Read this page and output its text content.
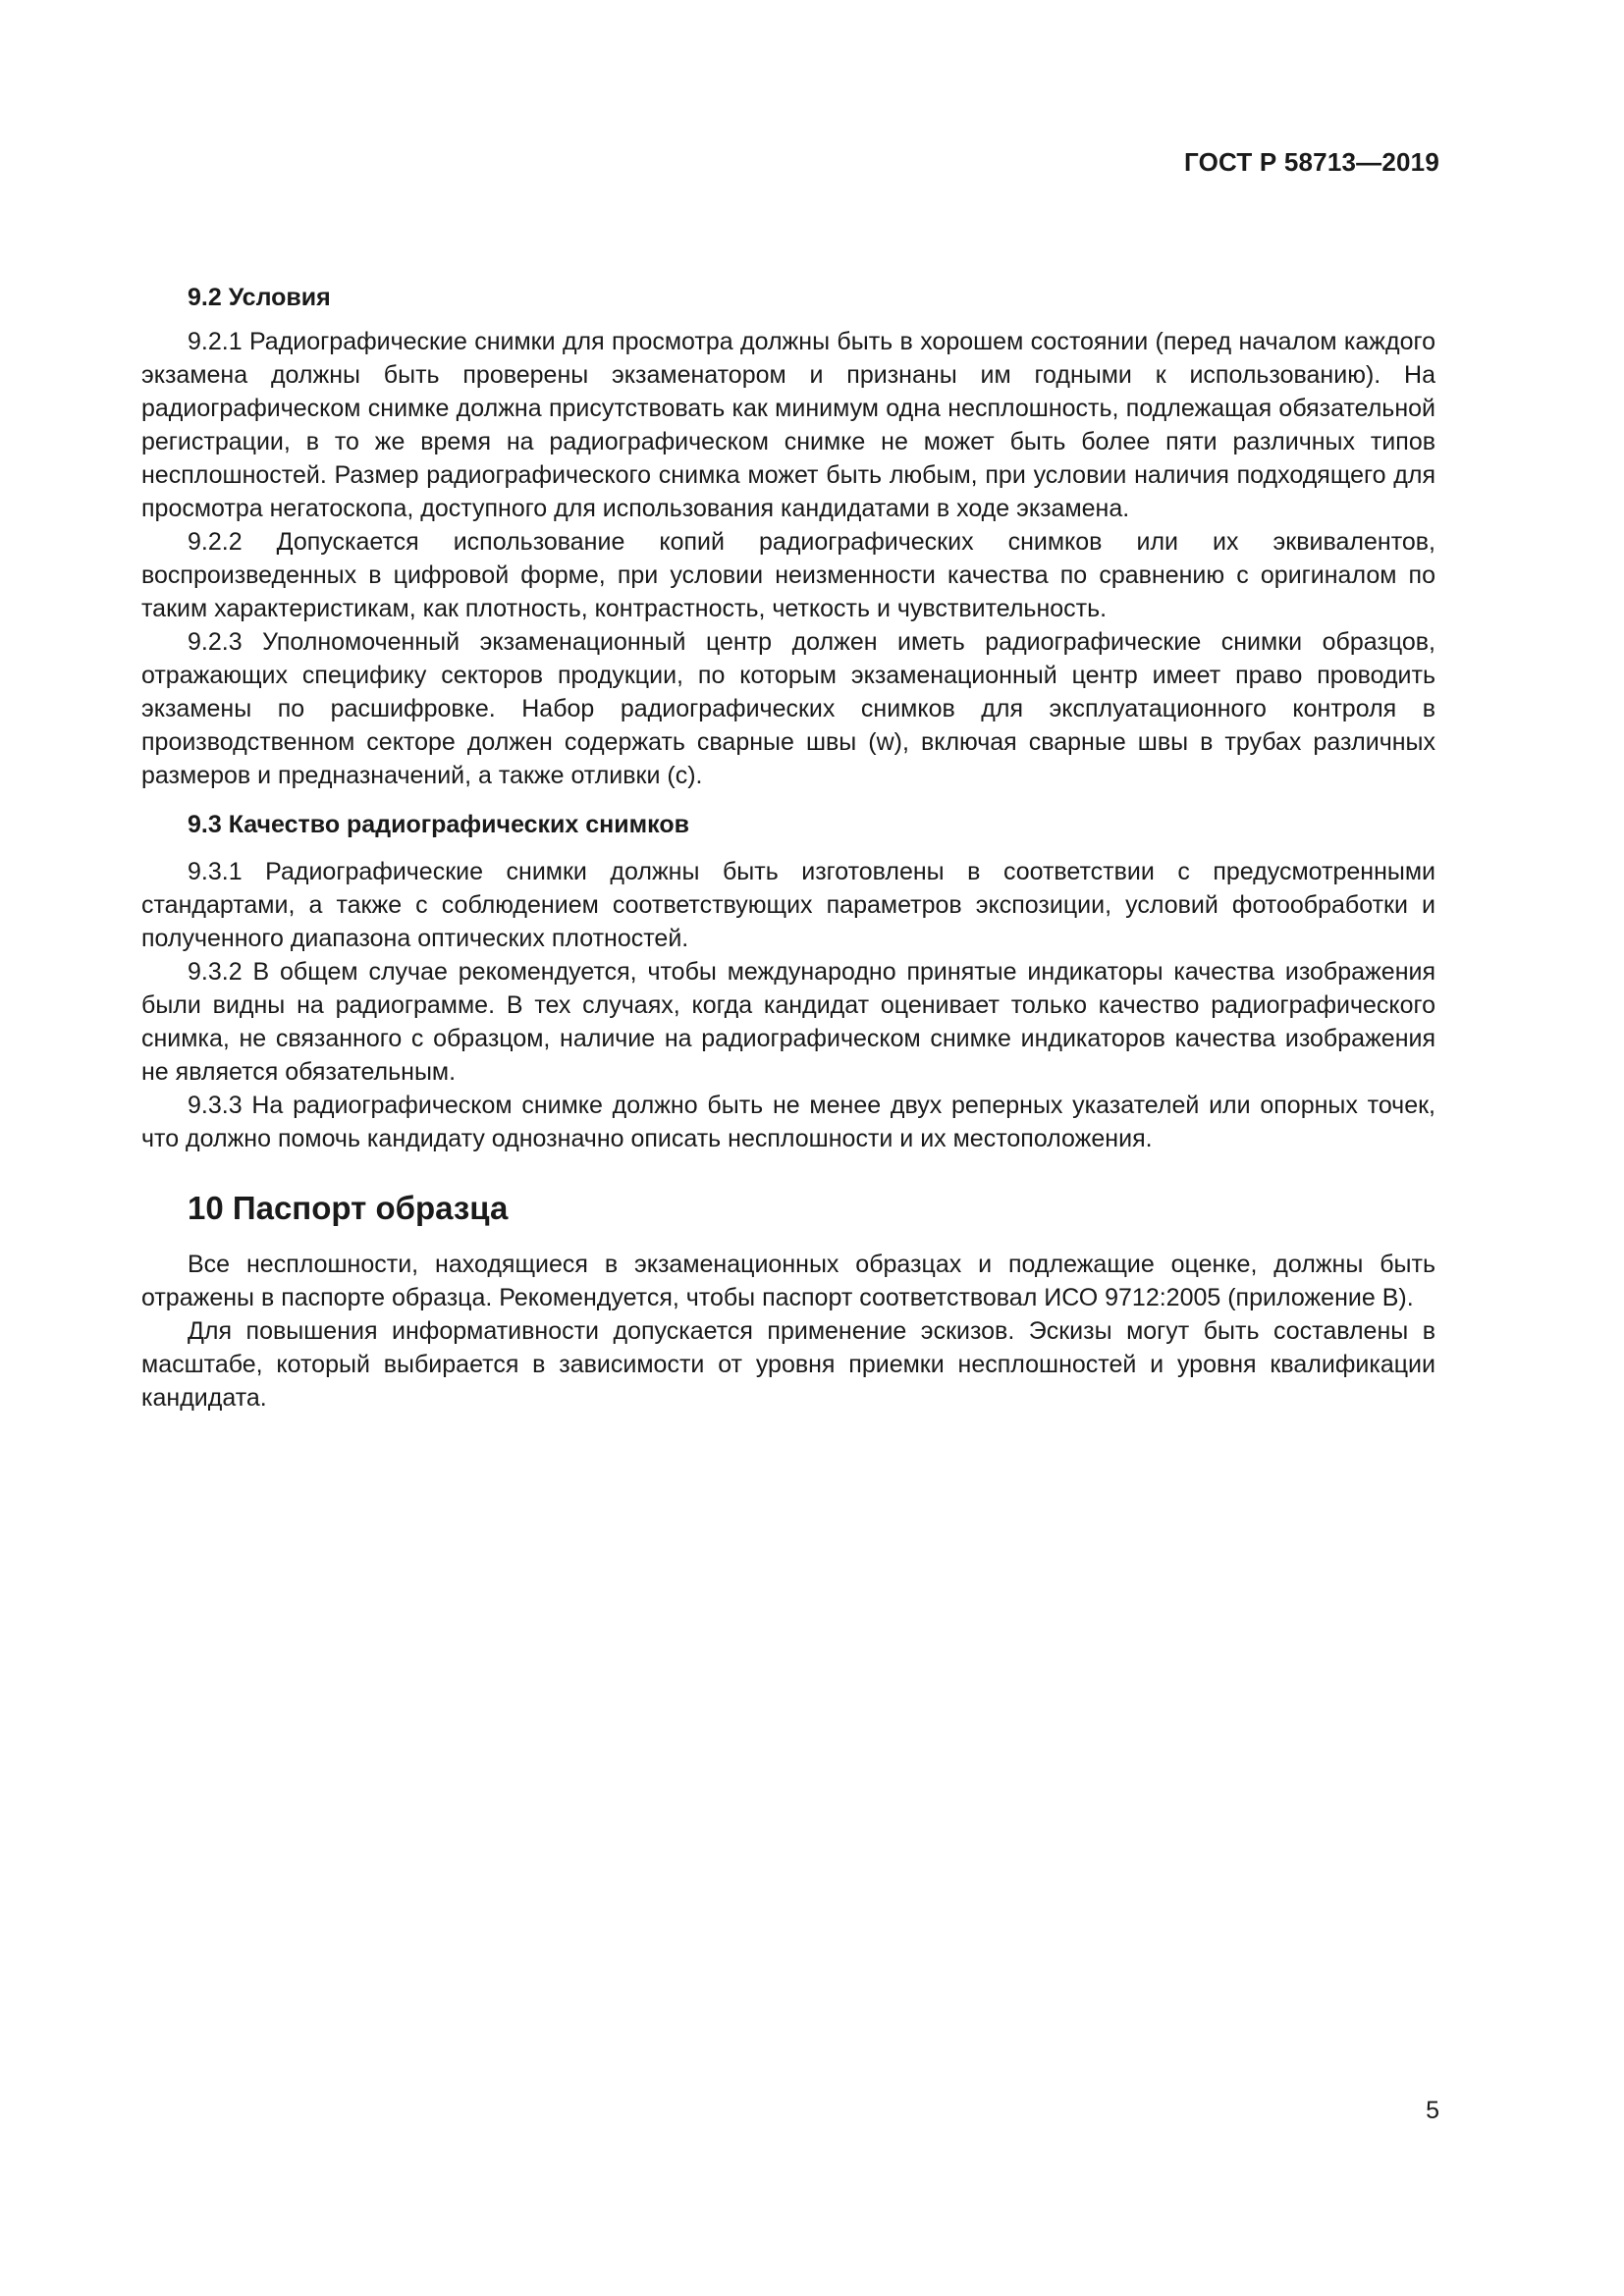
ГОСТ Р 58713—2019
9.2 Условия

9.2.1 Радиографические снимки для просмотра должны быть в хорошем состоянии (перед началом каждого экзамена должны быть проверены экзаменатором и признаны им годными к использованию). На радиографическом снимке должна присутствовать как минимум одна несплошность, подлежащая обязательной регистрации, в то же время на радиографическом снимке не может быть более пяти различных типов несплошностей. Размер радиографического снимка может быть любым, при условии наличия подходящего для просмотра негатоскопа, доступного для использования кандидатами в ходе экзамена.

9.2.2 Допускается использование копий радиографических снимков или их эквивалентов, воспроизведенных в цифровой форме, при условии неизменности качества по сравнению с оригиналом по таким характеристикам, как плотность, контрастность, четкость и чувствительность.

9.2.3 Уполномоченный экзаменационный центр должен иметь радиографические снимки образцов, отражающих специфику секторов продукции, по которым экзаменационный центр имеет право проводить экзамены по расшифровке. Набор радиографических снимков для эксплуатационного контроля в производственном секторе должен содержать сварные швы (w), включая сварные швы в трубах различных размеров и предназначений, а также отливки (c).

9.3 Качество радиографических снимков

9.3.1 Радиографические снимки должны быть изготовлены в соответствии с предусмотренными стандартами, а также с соблюдением соответствующих параметров экспозиции, условий фотообработки и полученного диапазона оптических плотностей.

9.3.2 В общем случае рекомендуется, чтобы международно принятые индикаторы качества изображения были видны на радиограмме. В тех случаях, когда кандидат оценивает только качество радиографического снимка, не связанного с образцом, наличие на радиографическом снимке индикаторов качества изображения не является обязательным.

9.3.3 На радиографическом снимке должно быть не менее двух реперных указателей или опорных точек, что должно помочь кандидату однозначно описать несплошности и их местоположения.

10 Паспорт образца

Все несплошности, находящиеся в экзаменационных образцах и подлежащие оценке, должны быть отражены в паспорте образца. Рекомендуется, чтобы паспорт соответствовал ИСО 9712:2005 (приложение В).

Для повышения информативности допускается применение эскизов. Эскизы могут быть составлены в масштабе, который выбирается в зависимости от уровня приемки несплошностей и уровня квалификации кандидата.

5
